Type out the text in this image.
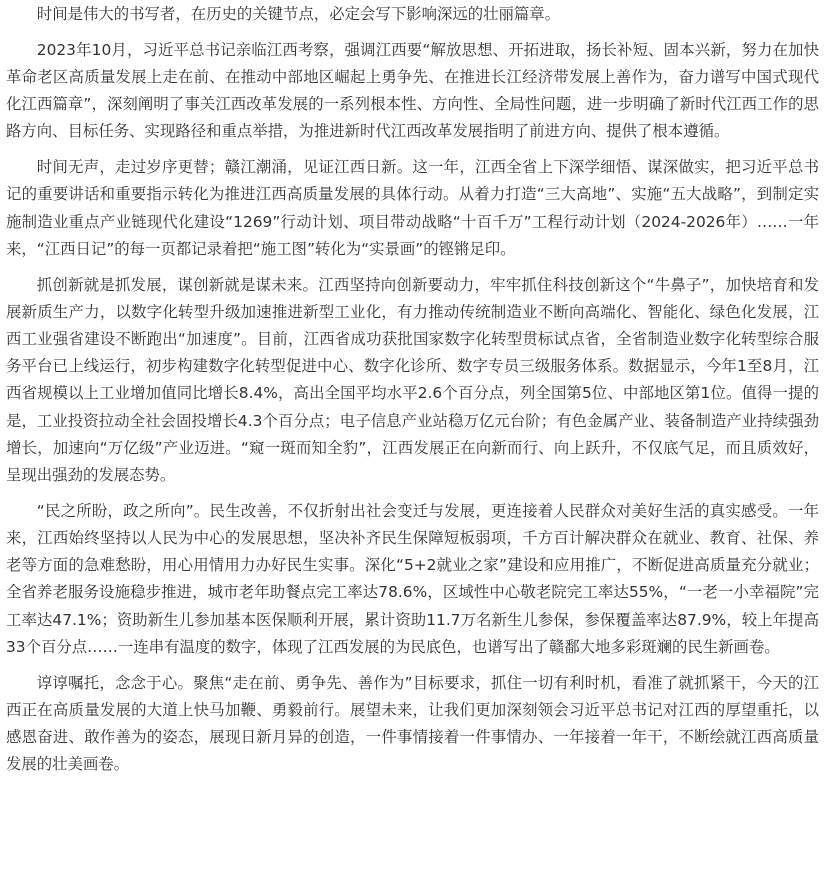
时间是伟大的书写者，在历史的关键节点，必定会写下影响深远的壮丽篇章。

2023年10月，习近平总书记亲临江西考察，强调江西要“解放思想、开拓进取，扬长补短、固本兴新，努力在加快革命老区高质量发展上走在前、在推动中部地区崛起上勇争先、在推进长江经济带发展上善作为，奋力谱写中国式现代化江西篇章”，深刻阐明了事关江西改革发展的一系列根本性、方向性、全局性问题，进一步明确了新时代江西工作的思路方向、目标任务、实现路径和重点举措，为推进新时代江西改革发展指明了前进方向、提供了根本遵循。

时间无声，走过岁序更替；赣江潮涌，见证江西日新。这一年，江西全省上下深学细悟、谋深做实，把习近平总书记的重要讲话和重要指示转化为推进江西高质量发展的具体行动。从着力打造“三大高地”、实施“五大战略”，到制定实施制造业重点产业链现代化建设“1269”行动计划、项目带动战略“十百千万”工程行动计划（2024-2026年）……一年来，“江西日记”的每一页都记录着把“施工图”转化为“实景画”的铿锵足印。

抓创新就是抓发展，谋创新就是谋未来。江西坚持向创新要动力，牢牢抓住科技创新这个“牛鼻子”，加快培育和发展新质生产力，以数字化转型升级加速推进新型工业化，有力推动传统制造业不断向高端化、智能化、绿色化发展，江西工业强省建设不断跑出“加速度”。目前，江西省成功获批国家数字化转型贯标试点省，全省制造业数字化转型综合服务平台已上线运行，初步构建数字化转型促进中心、数字化诊所、数字专员三级服务体系。数据显示，今年1至8月，江西省规模以上工业增加值同比增长8.4%，高出全国平均水平2.6个百分点，列全国第5位、中部地区第1位。值得一提的是，工业投资拉动全社会固投增长4.3个百分点；电子信息产业站稳万亿元台阶；有色金属产业、装备制造产业持续强劲增长，加速向“万亿级”产业迈进。“窥一斑而知全豹”，江西发展正在向新而行、向上跃升，不仅底气足，而且质效好，呈现出强劲的发展态势。

“民之所盼，政之所向”。民生改善，不仅折射出社会变迁与发展，更连接着人民群众对美好生活的真实感受。一年来，江西始终坚持以人民为中心的发展思想，坚决补齐民生保障短板弱项，千方百计解决群众在就业、教育、社保、养老等方面的急难愁盼，用心用情用力办好民生实事。深化“5+2就业之家”建设和应用推广，不断促进高质量充分就业；全省养老服务设施稳步推进，城市老年助餐点完工率达78.6%，区域性中心敬老院完工率达55%，“一老一小幸福院”完工率达47.1%；资助新生儿参加基本医保顺利开展，累计资助11.7万名新生儿参保，参保覆盖率达87.9%，较上年提高33个百分点……一连串有温度的数字，体现了江西发展的为民底色，也谱写出了赣鄱大地多彩斑斓的民生新画卷。

谆谆嘱托，念念于心。聚焦“走在前、勇争先、善作为”目标要求，抓住一切有利时机，看准了就抓紧干，今天的江西正在高质量发展的大道上快马加鞭、勇毅前行。展望未来，让我们更加深刻领会习近平总书记对江西的厚望重托，以感恩奋进、敢作善为的姿态，展现日新月异的创造，一件事情接着一件事情办、一年接着一年干，不断绘就江西高质量发展的壮美画卷。
